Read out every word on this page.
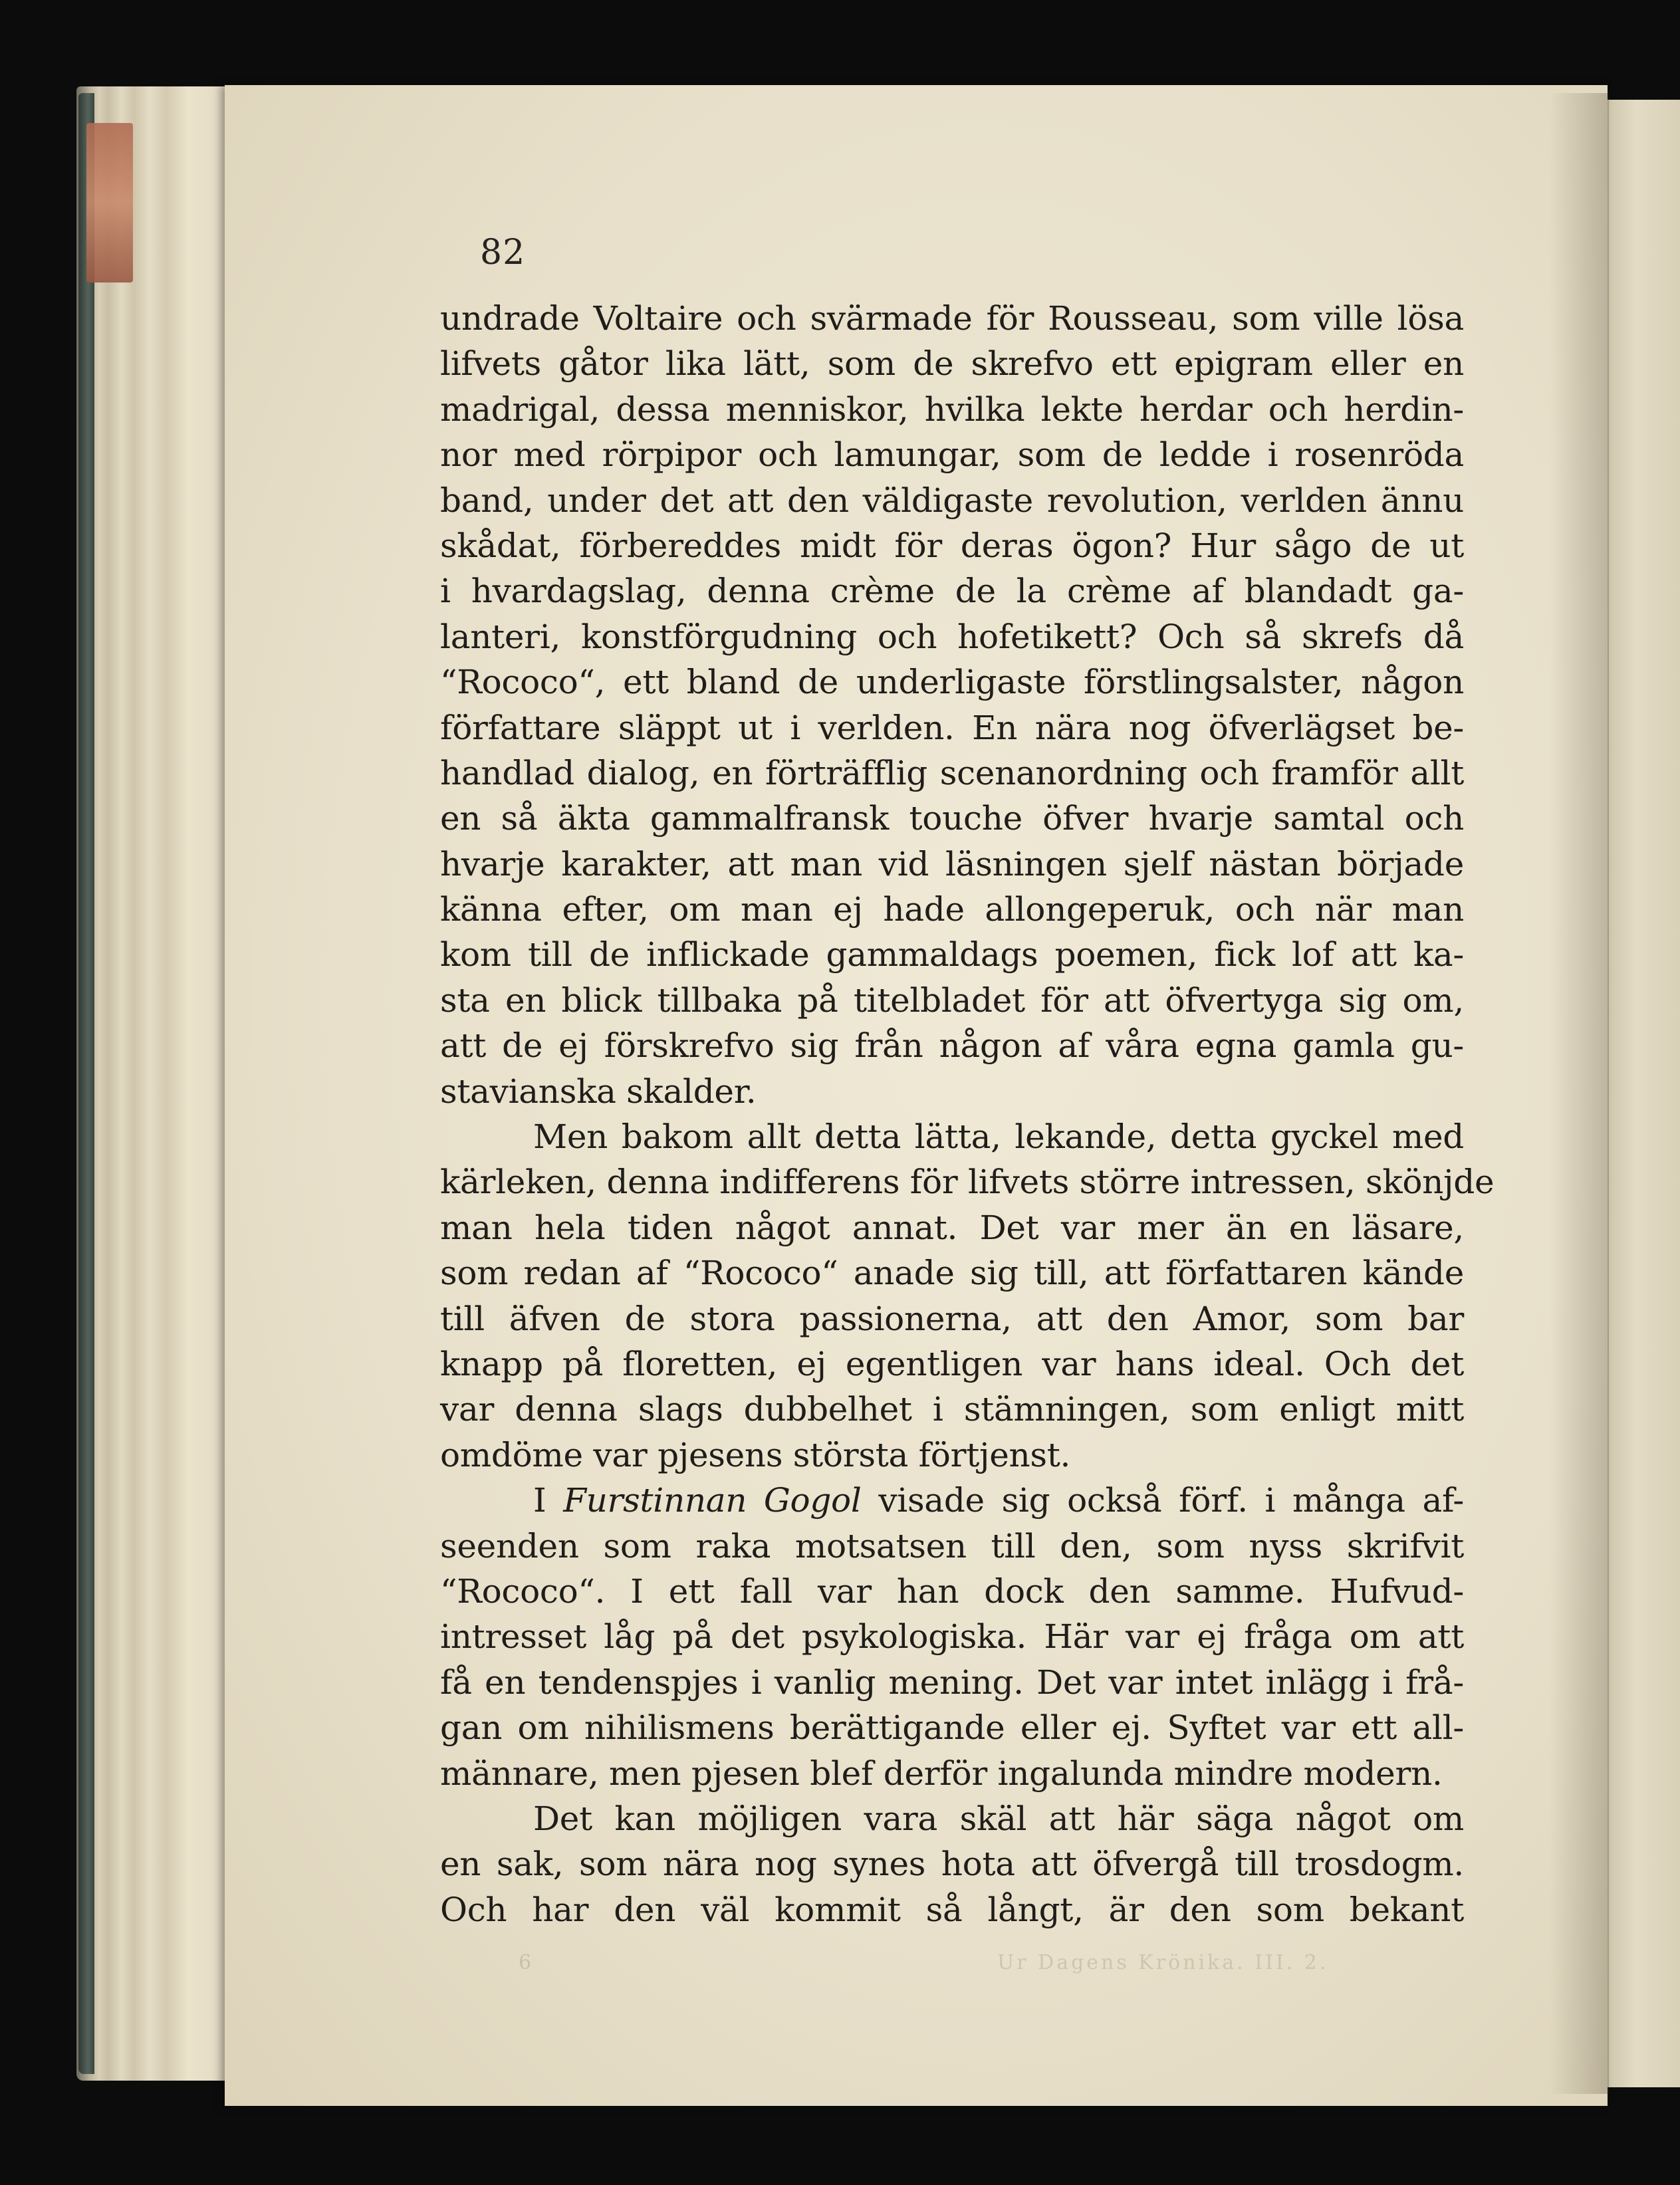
82
undrade Voltaire och svärmade för Rousseau, som ville lösa
lifvets gåtor lika lätt, som de skrefvo ett epigram eller en
madrigal, dessa menniskor, hvilka lekte herdar och herdin-
nor med rörpipor och lamungar, som de ledde i rosenröda
band, under det att den väldigaste revolution, verlden ännu
skådat, förbereddes midt för deras ögon? Hur sågo de ut
i hvardagslag, denna crème de la crème af blandadt ga-
lanteri, konstförgudning och hofetikett? Och så skrefs då
“Rococo“, ett bland de underligaste förstlingsalster, någon
författare släppt ut i verlden. En nära nog öfverlägset be-
handlad dialog, en förträfflig scenanordning och framför allt
en så äkta gammalfransk touche öfver hvarje samtal och
hvarje karakter, att man vid läsningen sjelf nästan började
känna efter, om man ej hade allongeperuk, och när man
kom till de inflickade gammaldags poemen, fick lof att ka-
sta en blick tillbaka på titelbladet för att öfvertyga sig om,
att de ej förskrefvo sig från någon af våra egna gamla gu-
stavianska skalder.
Men bakom allt detta lätta, lekande, detta gyckel med
kärleken, denna indifferens för lifvets större intressen, skönjde
man hela tiden något annat. Det var mer än en läsare,
som redan af “Rococo“ anade sig till, att författaren kände
till äfven de stora passionerna, att den Amor, som bar
knapp på floretten, ej egentligen var hans ideal. Och det
var denna slags dubbelhet i stämningen, som enligt mitt
omdöme var pjesens största förtjenst.
I Furstinnan Gogol visade sig också förf. i många af-
seenden som raka motsatsen till den, som nyss skrifvit
“Rococo“. I ett fall var han dock den samme. Hufvud-
intresset låg på det psykologiska. Här var ej fråga om att
få en tendenspjes i vanlig mening. Det var intet inlägg i frå-
gan om nihilismens berättigande eller ej. Syftet var ett all-
männare, men pjesen blef derför ingalunda mindre modern.
Det kan möjligen vara skäl att här säga något om
en sak, som nära nog synes hota att öfvergå till trosdogm.
Och har den väl kommit så långt, är den som bekant
6	Ur Dagens Krönika. III. 2.
